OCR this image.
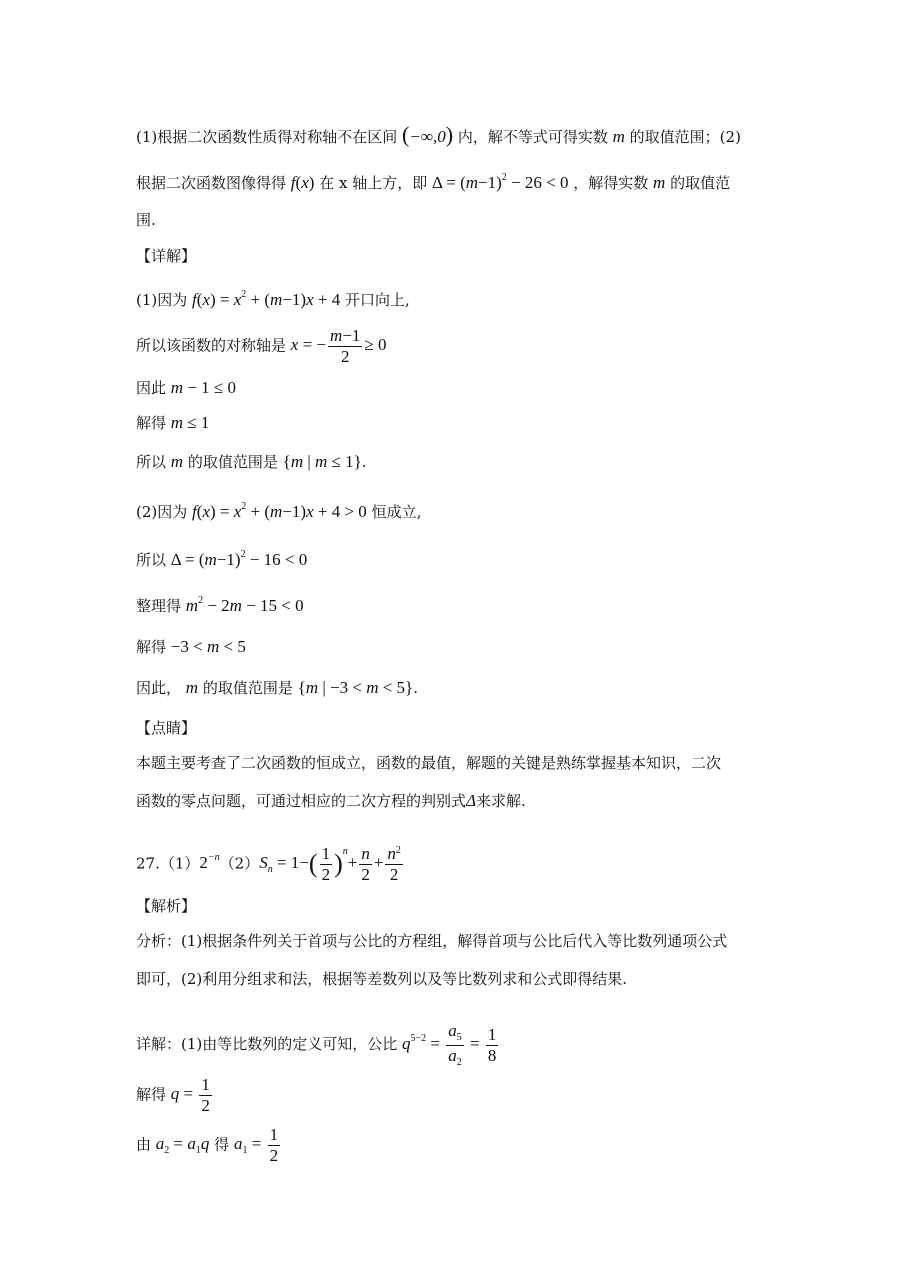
(1)根据二次函数性质得对称轴不在区间 (−∞,0) 内，解不等式可得实数 m 的取值范围；(2)
根据二次函数图像得得 f(x) 在 x 轴上方，即 $\Delta = (m-1)^2 - 26 < 0$ ，解得实数 m 的取值范
围.
【详解】
(1)因为 $f(x) = x^2 + (m-1)x + 4$ 开口向上,
所以该函数的对称轴是 x = − $\frac{m-1}{2} \ge 0$
因此 m − 1 ≤ 0
解得 m ≤ 1
所以 m 的取值范围是 {m | m ≤ 1}.
(2)因为 $f(x) = x^2 + (m-1)x + 4 > 0$ 恒成立,
所以 $\Delta = (m-1)^2 - 16 < 0$
整理得 $m^2 - 2m - 15 < 0$
解得 −3 < m < 5
因此， m 的取值范围是 {m | −3 < m < 5}.
【点睛】
本题主要考查了二次函数的恒成立，函数的最值，解题的关键是熟练掌握基本知识，二次
函数的零点问题，可通过相应的二次方程的判别式Δ来求解.
$27.(1)2^{-n}(2)S_n = 1-( \frac{1}{2} )^n+ \frac{n}{2} + \frac{n^2}{2}$
【解析】
分析：(1)根据条件列关于首项与公比的方程组，解得首项与公比后代入等比数列通项公式
即可，(2)利用分组求和法，根据等差数列以及等比数列求和公式即得结果.
详解：(1)由等比数列的定义可知，公比 $q^{5-2} = \frac{a_5}{a_2} = \frac{1}{8}$
解得 $q = \frac{1}{2}$
由 $a_2 = a_1q$ 得 $a_1 = \frac{1}{2}$
